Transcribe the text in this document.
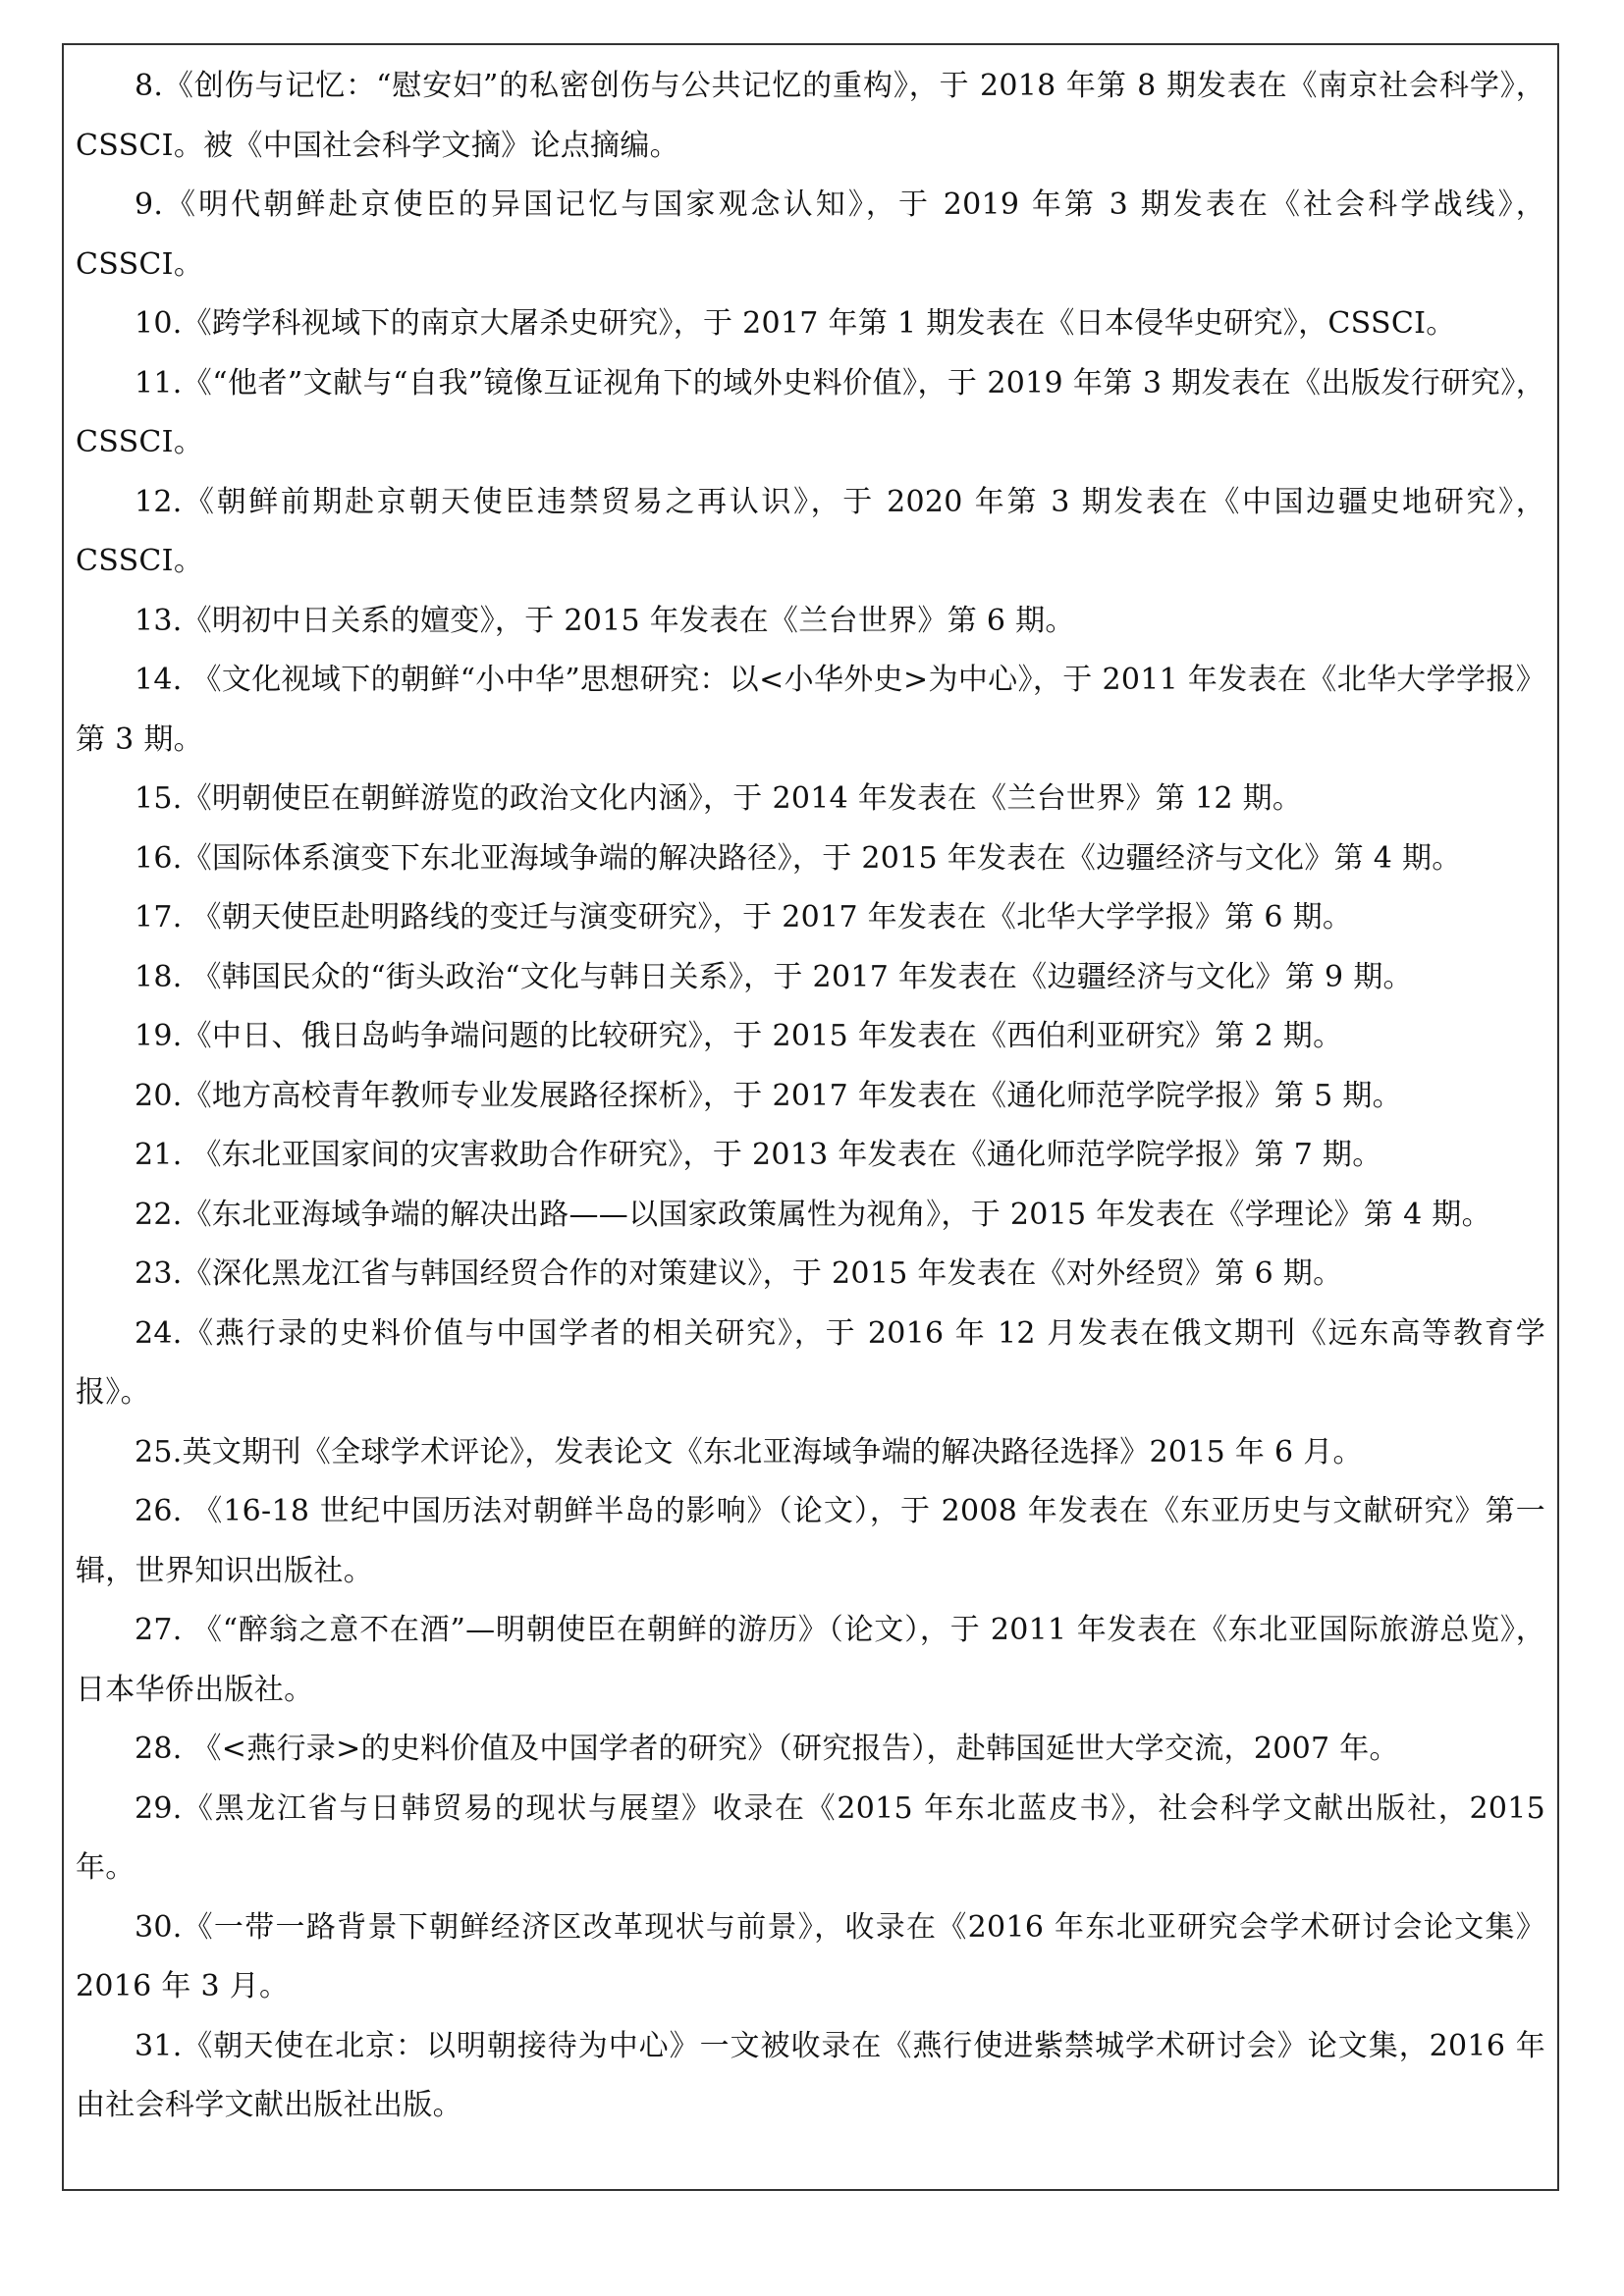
8.《创伤与记忆：“慰安妇”的私密创伤与公共记忆的重构》，于 2018 年第 8 期发表在《南京社会科学》，CSSCI。被《中国社会科学文摘》论点摘编。

9.《明代朝鲜赴京使臣的异国记忆与国家观念认知》，于 2019 年第 3 期发表在《社会科学战线》，CSSCI。

10.《跨学科视域下的南京大屠杀史研究》，于 2017 年第 1 期发表在《日本侵华史研究》，CSSCI。

11.《“他者”文献与“自我”镜像互证视角下的域外史料价值》，于 2019 年第 3 期发表在《出版发行研究》，CSSCI。

12.《朝鲜前期赴京朝天使臣违禁贸易之再认识》，于 2020 年第 3 期发表在《中国边疆史地研究》，CSSCI。

13.《明初中日关系的嬗变》，于 2015 年发表在《兰台世界》第 6 期。

14. 《文化视域下的朝鲜“小中华”思想研究：以<小华外史>为中心》，于 2011 年发表在《北华大学学报》第 3 期。

15.《明朝使臣在朝鲜游览的政治文化内涵》，于 2014 年发表在《兰台世界》第 12 期。

16.《国际体系演变下东北亚海域争端的解决路径》，于 2015 年发表在《边疆经济与文化》第 4 期。

17. 《朝天使臣赴明路线的变迁与演变研究》，于 2017 年发表在《北华大学学报》第 6 期。

18. 《韩国民众的“街头政治“文化与韩日关系》，于 2017 年发表在《边疆经济与文化》第 9 期。

19.《中日、俄日岛屿争端问题的比较研究》，于 2015 年发表在《西伯利亚研究》第 2 期。

20.《地方高校青年教师专业发展路径探析》，于 2017 年发表在《通化师范学院学报》第 5 期。

21. 《东北亚国家间的灾害救助合作研究》，于 2013 年发表在《通化师范学院学报》第 7 期。

22.《东北亚海域争端的解决出路——以国家政策属性为视角》，于 2015 年发表在《学理论》第 4 期。

23.《深化黑龙江省与韩国经贸合作的对策建议》，于 2015 年发表在《对外经贸》第 6 期。

24.《燕行录的史料价值与中国学者的相关研究》，于 2016 年 12 月发表在俄文期刊《远东高等教育学报》。

25.英文期刊《全球学术评论》，发表论文《东北亚海域争端的解决路径选择》2015 年 6 月。

26. 《16-18 世纪中国历法对朝鲜半岛的影响》（论文），于 2008 年发表在《东亚历史与文献研究》第一辑，世界知识出版社。

27. 《“醉翁之意不在酒”—明朝使臣在朝鲜的游历》（论文），于 2011 年发表在《东北亚国际旅游总览》，日本华侨出版社。

28. 《<燕行录>的史料价值及中国学者的研究》（研究报告），赴韩国延世大学交流，2007 年。

29.《黑龙江省与日韩贸易的现状与展望》收录在《2015 年东北蓝皮书》，社会科学文献出版社，2015 年。

30.《一带一路背景下朝鲜经济区改革现状与前景》，收录在《2016 年东北亚研究会学术研讨会论文集》2016 年 3 月。

31.《朝天使在北京：以明朝接待为中心》一文被收录在《燕行使进紫禁城学术研讨会》论文集，2016 年由社会科学文献出版社出版。
